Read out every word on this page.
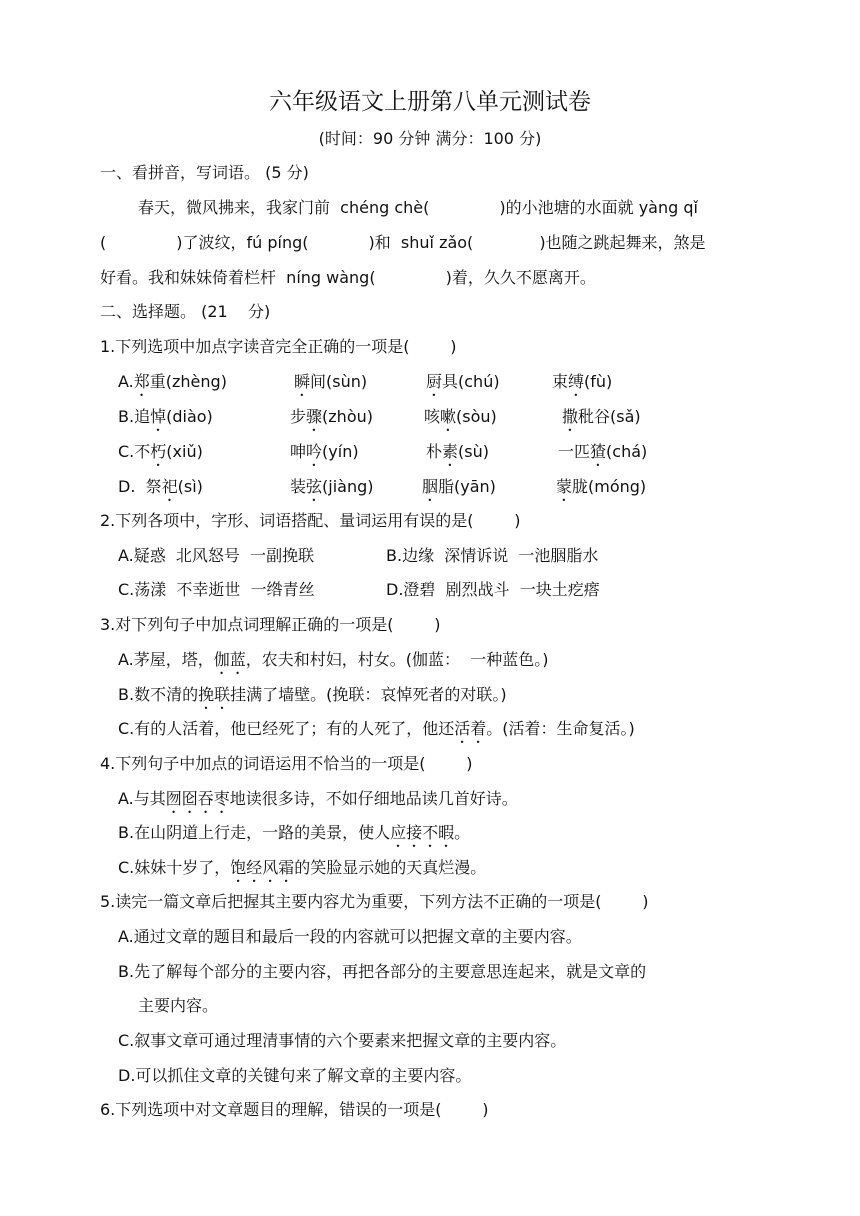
六年级语文上册第八单元测试卷
(时间：90 分钟 满分：100 分)
一、看拼音，写词语。 (5 分)
春天，微风拂来，我家门前  chéng chè(	)的小池塘的水面就 yàng qǐ
(	)了波纹，fú píng(	)和  shuǐ zǎo(	)也随之跳起舞来，煞是
好看。我和妹妹倚着栏杆  níng wàng(	)着，久久不愿离开。
二、选择题。 (21    分)
1.下列选项中加点字读音完全正确的一项是(        )
A.郑重(zhèng)	瞬间(sùn)	厨具(chú)	束缚(fù)
B.追悼(diào)	步骤(zhòu)	咳嗽(sòu)	撒秕谷(sǎ)
C.不朽(xiǔ)	呻吟(yín)	朴素(sù)	一匹猹(chá)
D.  祭祀(sì)	装弦(jiàng)	胭脂(yān)	蒙胧(móng)
2.下列各项中，字形、词语搭配、量词运用有误的是(        )
A.疑惑  北风怒号  一副挽联	B.边缘  深情诉说  一池胭脂水
C.荡漾  不幸逝世  一绺青丝	D.澄碧  剧烈战斗  一块土疙瘩
3.对下列句子中加点词理解正确的一项是(        )
A.茅屋，塔，伽蓝，农夫和村妇，村女。(伽蓝：  一种蓝色。)
B.数不清的挽联挂满了墙壁。(挽联：哀悼死者的对联。)
C.有的人活着，他已经死了；有的人死了，他还活着。(活着：生命复活。)
4.下列句子中加点的词语运用不恰当的一项是(        )
A.与其囫囵吞枣地读很多诗，不如仔细地品读几首好诗。
B.在山阴道上行走，一路的美景，使人应接不暇。
C.妹妹十岁了，饱经风霜的笑脸显示她的天真烂漫。
5.读完一篇文章后把握其主要内容尤为重要，下列方法不正确的一项是(        )
A.通过文章的题目和最后一段的内容就可以把握文章的主要内容。
B.先了解每个部分的主要内容，再把各部分的主要意思连起来，就是文章的
主要内容。
C.叙事文章可通过理清事情的六个要素来把握文章的主要内容。
D.可以抓住文章的关键句来了解文章的主要内容。
6.下列选项中对文章题目的理解，错误的一项是(        )
